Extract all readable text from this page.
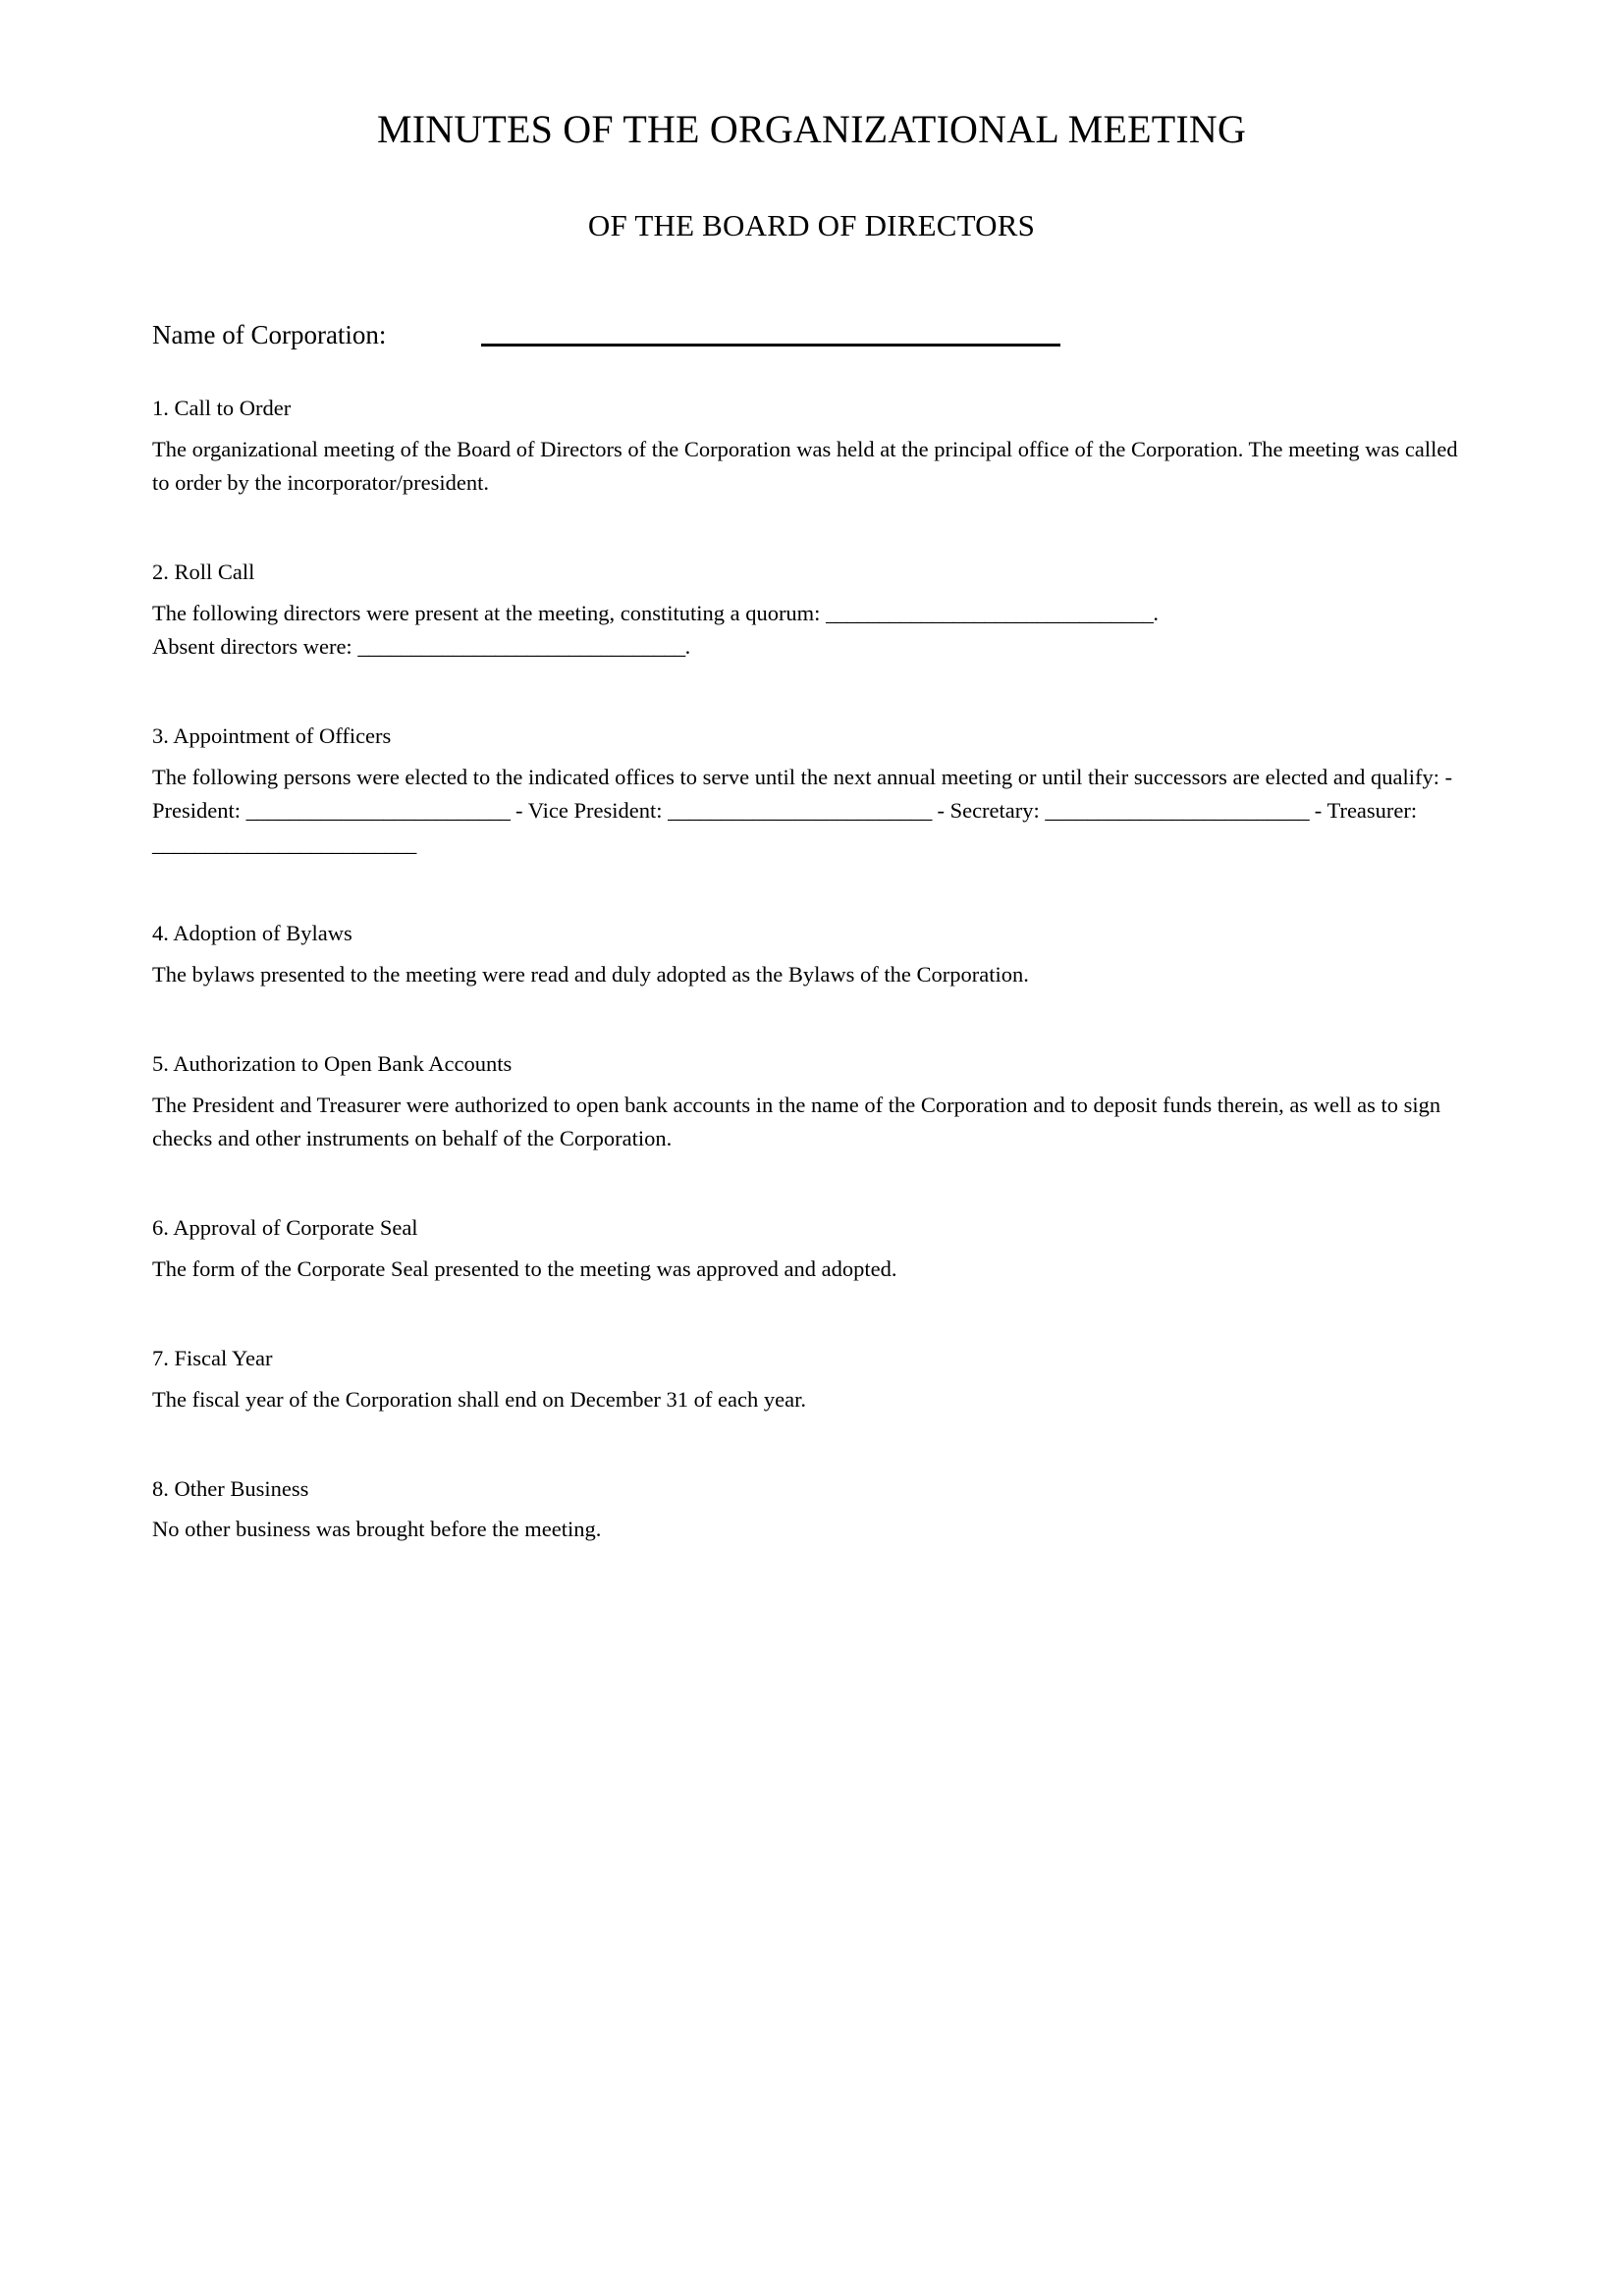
MINUTES OF THE ORGANIZATIONAL MEETING
OF THE BOARD OF DIRECTORS
Name of Corporation:
1. Call to Order

The organizational meeting of the Board of Directors of the Corporation was held at the principal office of the Corporation. The meeting was called to order by the incorporator/president.

2. Roll Call

The following directors were present at the meeting, constituting a quorum: _______________________________.
Absent directors were: _______________________________.

3. Appointment of Officers

The following persons were elected to the indicated offices to serve until the next annual meeting or until their successors are elected and qualify: - President: _________________________ - Vice President: _________________________ - Secretary: _________________________ - Treasurer: _________________________

4. Adoption of Bylaws

The bylaws presented to the meeting were read and duly adopted as the Bylaws of the Corporation.

5. Authorization to Open Bank Accounts

The President and Treasurer were authorized to open bank accounts in the name of the Corporation and to deposit funds therein, as well as to sign checks and other instruments on behalf of the Corporation.

6. Approval of Corporate Seal

The form of the Corporate Seal presented to the meeting was approved and adopted.

7. Fiscal Year

The fiscal year of the Corporation shall end on December 31 of each year.

8. Other Business

No other business was brought before the meeting.
